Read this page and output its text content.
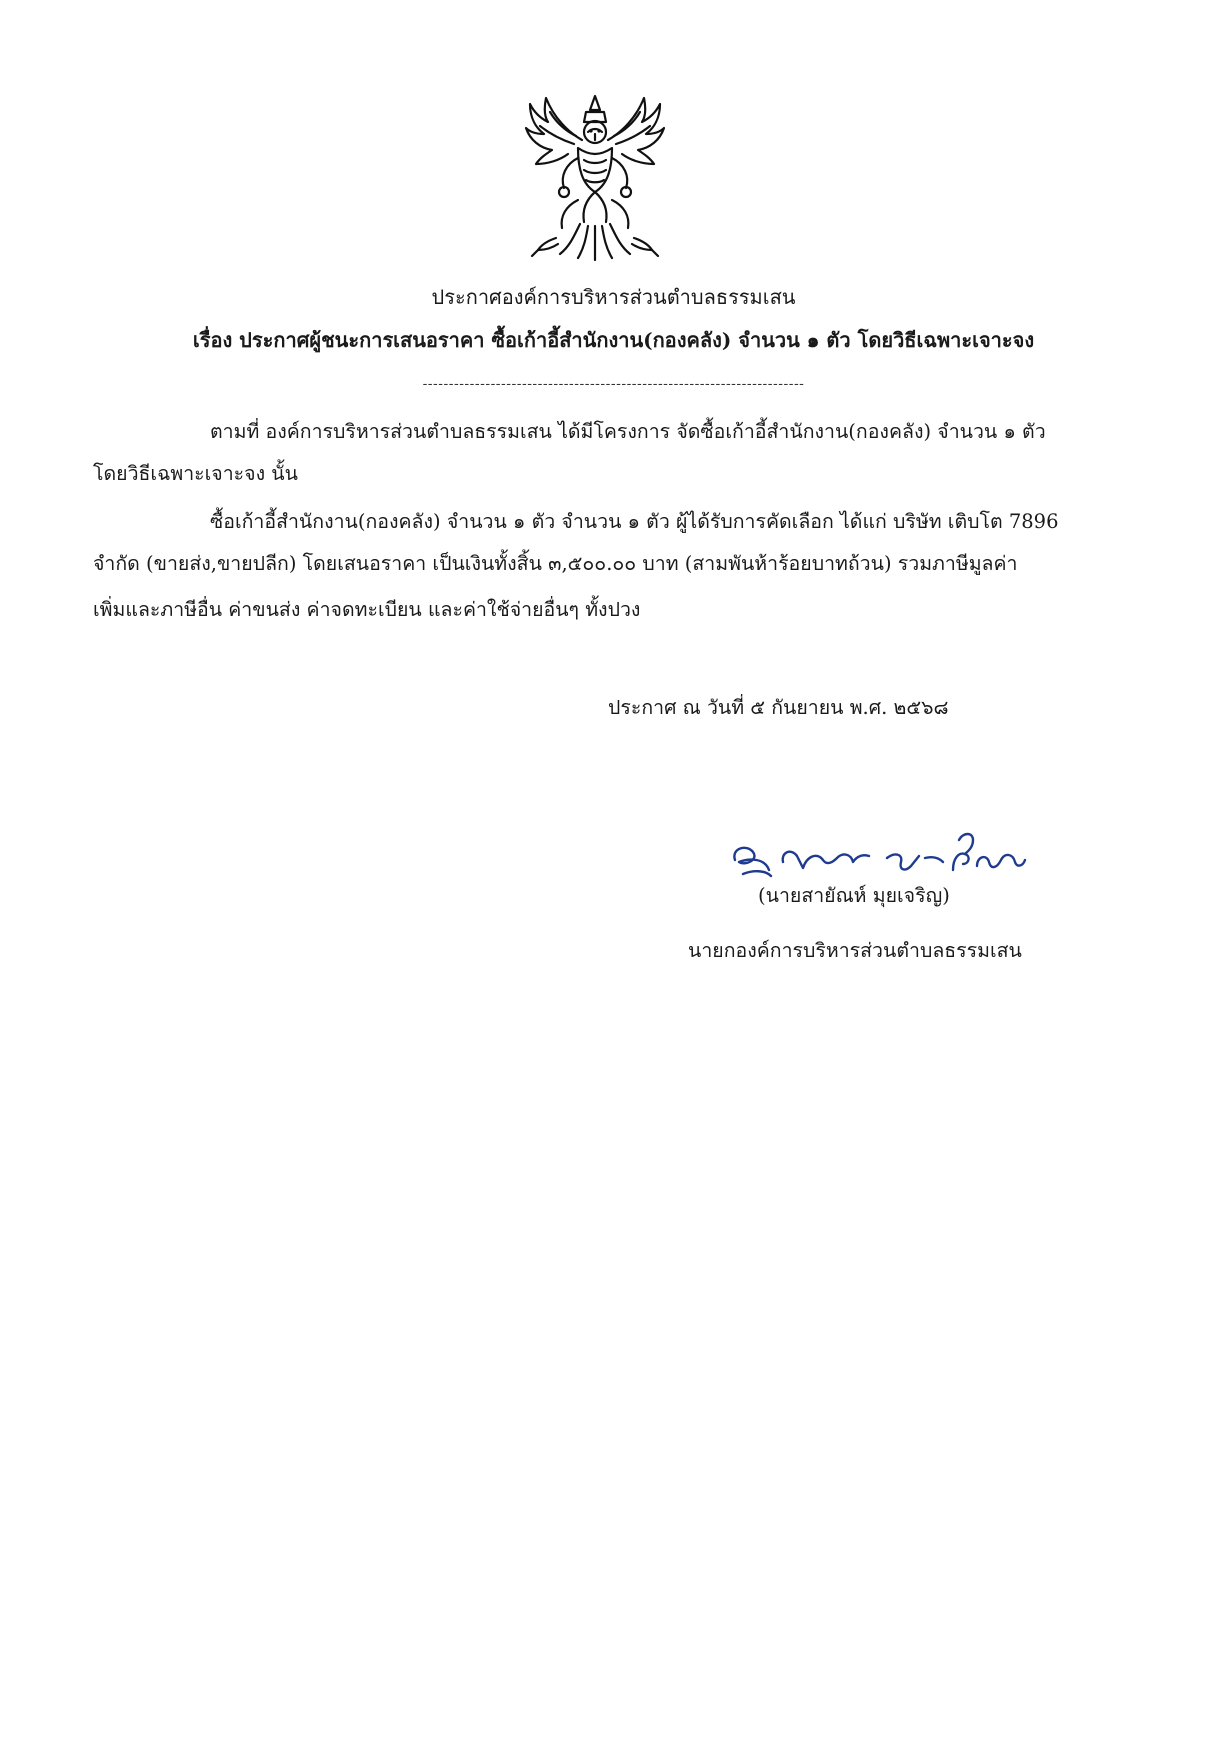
ประกาศองค์การบริหารส่วนตำบลธรรมเสน
เรื่อง ประกาศผู้ชนะการเสนอราคา ซื้อเก้าอี้สำนักงาน(กองคลัง) จำนวน ๑ ตัว โดยวิธีเฉพาะเจาะจง
-------------------------------------------------------------------------
ตามที่ องค์การบริหารส่วนตำบลธรรมเสน ได้มีโครงการ จัดซื้อเก้าอี้สำนักงาน(กองคลัง) จำนวน ๑ ตัว
โดยวิธีเฉพาะเจาะจง นั้น
ซื้อเก้าอี้สำนักงาน(กองคลัง) จำนวน ๑ ตัว จำนวน ๑ ตัว ผู้ได้รับการคัดเลือก ได้แก่ บริษัท เติบโต 7896
จำกัด (ขายส่ง,ขายปลีก) โดยเสนอราคา เป็นเงินทั้งสิ้น ๓,๕๐๐.๐๐ บาท (สามพันห้าร้อยบาทถ้วน) รวมภาษีมูลค่า
เพิ่มและภาษีอื่น ค่าขนส่ง ค่าจดทะเบียน และค่าใช้จ่ายอื่นๆ ทั้งปวง
ประกาศ ณ วันที่ ๕ กันยายน พ.ศ. ๒๕๖๘
(นายสายัณห์ มุยเจริญ)
นายกองค์การบริหารส่วนตำบลธรรมเสน
